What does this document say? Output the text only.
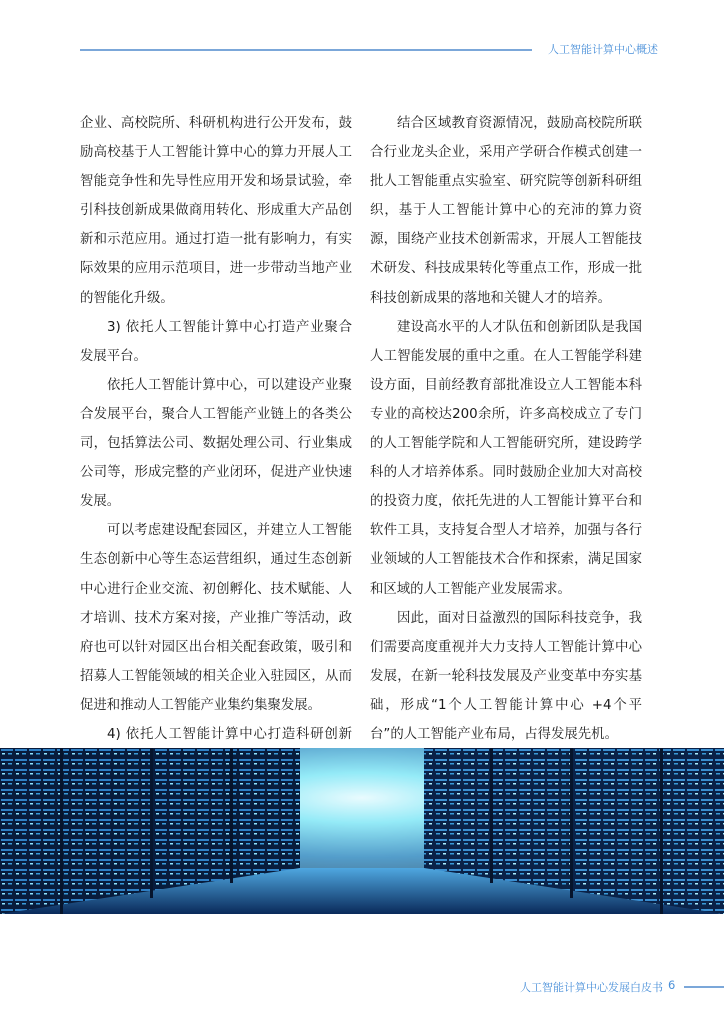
人工智能计算中心概述

企业、高校院所、科研机构进行公开发布，鼓励高校基于人工智能计算中心的算力开展人工智能竞争性和先导性应用开发和场景试验，牵引科技创新成果做商用转化、形成重大产品创新和示范应用。通过打造一批有影响力，有实际效果的应用示范项目，进一步带动当地产业的智能化升级。

3) 依托人工智能计算中心打造产业聚合发展平台。

依托人工智能计算中心，可以建设产业聚合发展平台，聚合人工智能产业链上的各类公司，包括算法公司、数据处理公司、行业集成公司等，形成完整的产业闭环，促进产业快速发展。

可以考虑建设配套园区，并建立人工智能生态创新中心等生态运营组织，通过生态创新中心进行企业交流、初创孵化、技术赋能、人才培训、技术方案对接，产业推广等活动，政府也可以针对园区出台相关配套政策，吸引和招募人工智能领域的相关企业入驻园区，从而促进和推动人工智能产业集约集聚发展。

4) 依托人工智能计算中心打造科研创新

结合区域教育资源情况，鼓励高校院所联合行业龙头企业，采用产学研合作模式创建一批人工智能重点实验室、研究院等创新科研组织，基于人工智能计算中心的充沛的算力资源，围绕产业技术创新需求，开展人工智能技术研发、科技成果转化等重点工作，形成一批科技创新成果的落地和关键人才的培养。

建设高水平的人才队伍和创新团队是我国人工智能发展的重中之重。在人工智能学科建设方面，目前经教育部批准设立人工智能本科专业的高校达200余所，许多高校成立了专门的人工智能学院和人工智能研究所，建设跨学科的人才培养体系。同时鼓励企业加大对高校的投资力度，依托先进的人工智能计算平台和软件工具，支持复合型人才培养，加强与各行业领域的人工智能技术合作和探索，满足国家和区域的人工智能产业发展需求。

因此，面对日益激烈的国际科技竞争，我们需要高度重视并大力支持人工智能计算中心发展，在新一轮科技发展及产业变革中夯实基础，形成“1个人工智能计算中心 +4个平台”的人工智能产业布局，占得发展先机。

人工智能计算中心发展白皮书 6
